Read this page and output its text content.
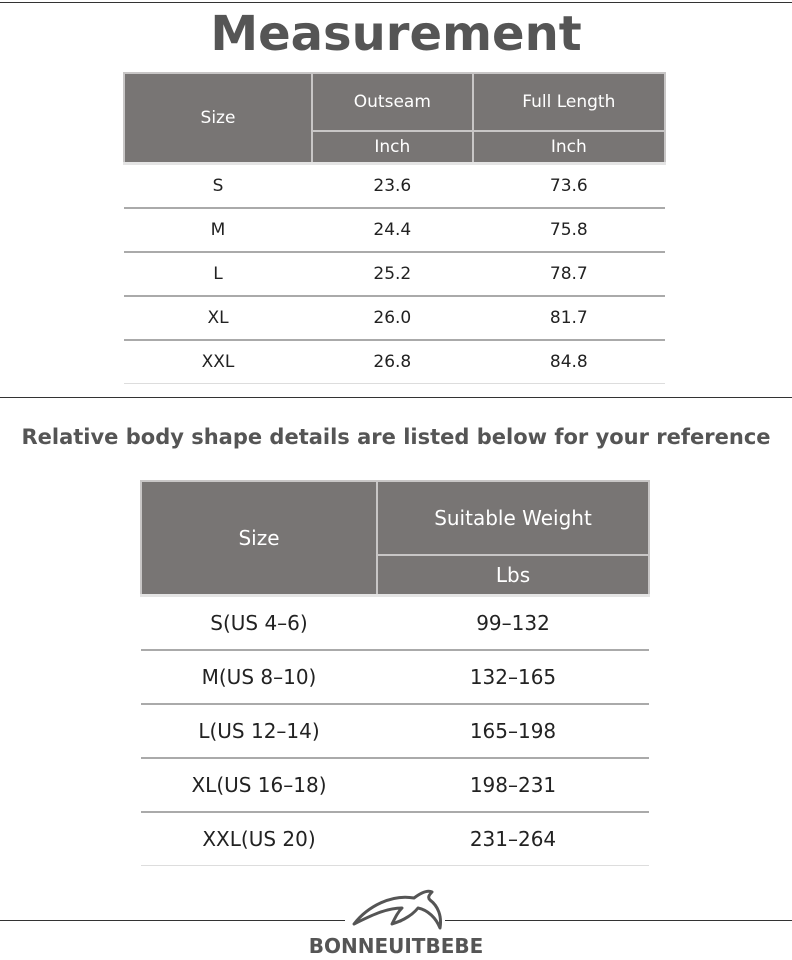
Measurement
Size	Outseam	Full Length
	Inch	Inch
S	23.6	73.6
M	24.4	75.8
L	25.2	78.7
XL	26.0	81.7
XXL	26.8	84.8
Relative body shape details are listed below for your reference
Size	Suitable Weight
	Lbs
S(US 4–6)	99–132
M(US 8–10)	132–165
L(US 12–14)	165–198
XL(US 16–18)	198–231
XXL(US 20)	231–264
BONNEUITBEBE
